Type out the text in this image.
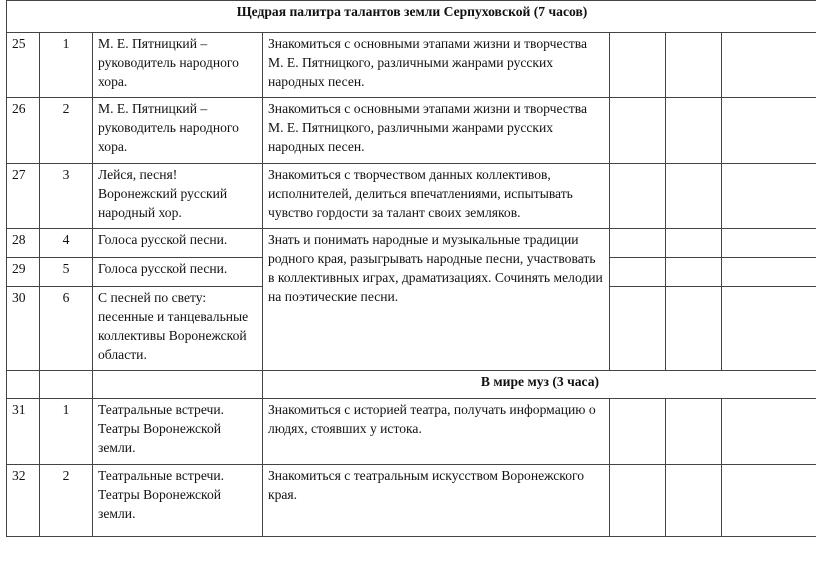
Щедрая палитра талантов земли Серпуховской (7 часов)						
25	1	М. Е. Пятницкий – руководитель народного хора.	Знакомиться с основными этапами жизни и творчества М. Е. Пятницкого, различными жанрами русских народных песен.			
26	2	М. Е. Пятницкий – руководитель народного хора.	Знакомиться с основными этапами жизни и творчества М. Е. Пятницкого, различными жанрами русских народных песен.			
27	3	Лейся, песня! Воронежский русский народный хор.	Знакомиться с творчеством данных коллективов, исполнителей, делиться впечатлениями, испытывать чувство гордости за талант своих земляков.			
28	4	Голоса русской песни.	Знать и понимать народные и музыкальные традиции родного края, разыгрывать народные песни, участвовать в коллективных играх, драматизациях. Сочинять мелодии на поэтические песни.			
29	5	Голоса русской песни.				
30	6	С песней по свету: песенные и танцевальные коллективы Воронежской области.				
			В мире муз (3 часа)			
31	1	Театральные встречи. Театры Воронежской земли.	Знакомиться с историей театра, получать информацию о людях, стоявших у истока.			
32	2	Театральные встречи. Театры Воронежской земли.	Знакомиться с театральным искусством Воронежского края.			
